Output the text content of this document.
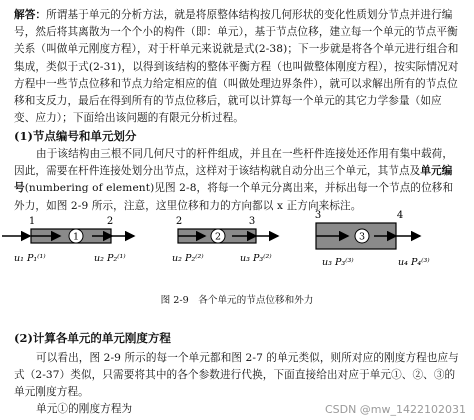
解答：所谓基于单元的分析方法，就是将原整体结构按几何形状的变化性质划分节点并进行编号，然后将其离散为一个个小的构件（即：单元），基于节点位移，建立每一个单元的节点平衡关系（叫做单元刚度方程），对于杆单元来说就是式(2-38)；下一步就是将各个单元进行组合和集成，类似于式(2-31)，以得到该结构的整体平衡方程（也叫做整体刚度方程），按实际情况对方程中一些节点位移和节点力给定相应的值（叫做处理边界条件），就可以求解出所有的节点位移和支反力，最后在得到所有的节点位移后，就可以计算每一个单元的其它力学参量（如应变、应力）；下面给出该问题的有限元分析过程。
(1)节点编号和单元划分
由于该结构由三根不同几何尺寸的杆件组成，并且在一些杆件连接处还作用有集中载荷，因此，需要在杆件连接处划分出节点，这样对于该结构就自动分出三个单元，其节点及单元编号(numbering of element)见图 2-8，将每一个单元分离出来，并标出每一个节点的位移和外力，如图 2-9 所示，注意，这里位移和力的方向都以 x 正方向来标注。
1
1	2
u₁ P₁⁽¹⁾	u₂ P₂⁽¹⁾
2
2	3
u₂ P₂⁽²⁾	u₃ P₃⁽²⁾
3
3	4
u₃ P₃⁽³⁾	u₄ P₄⁽³⁾
图 2-9　各个单元的节点位移和外力
(2)计算各单元的单元刚度方程
可以看出，图 2-9 所示的每一个单元都和图 2-7 的单元类似，则所对应的刚度方程也应与式（2-37）类似，只需要将其中的各个参数进行代换，下面直接给出对应于单元①、②、③的单元刚度方程。
单元①的刚度方程为	CSDN @mw_1422102031
